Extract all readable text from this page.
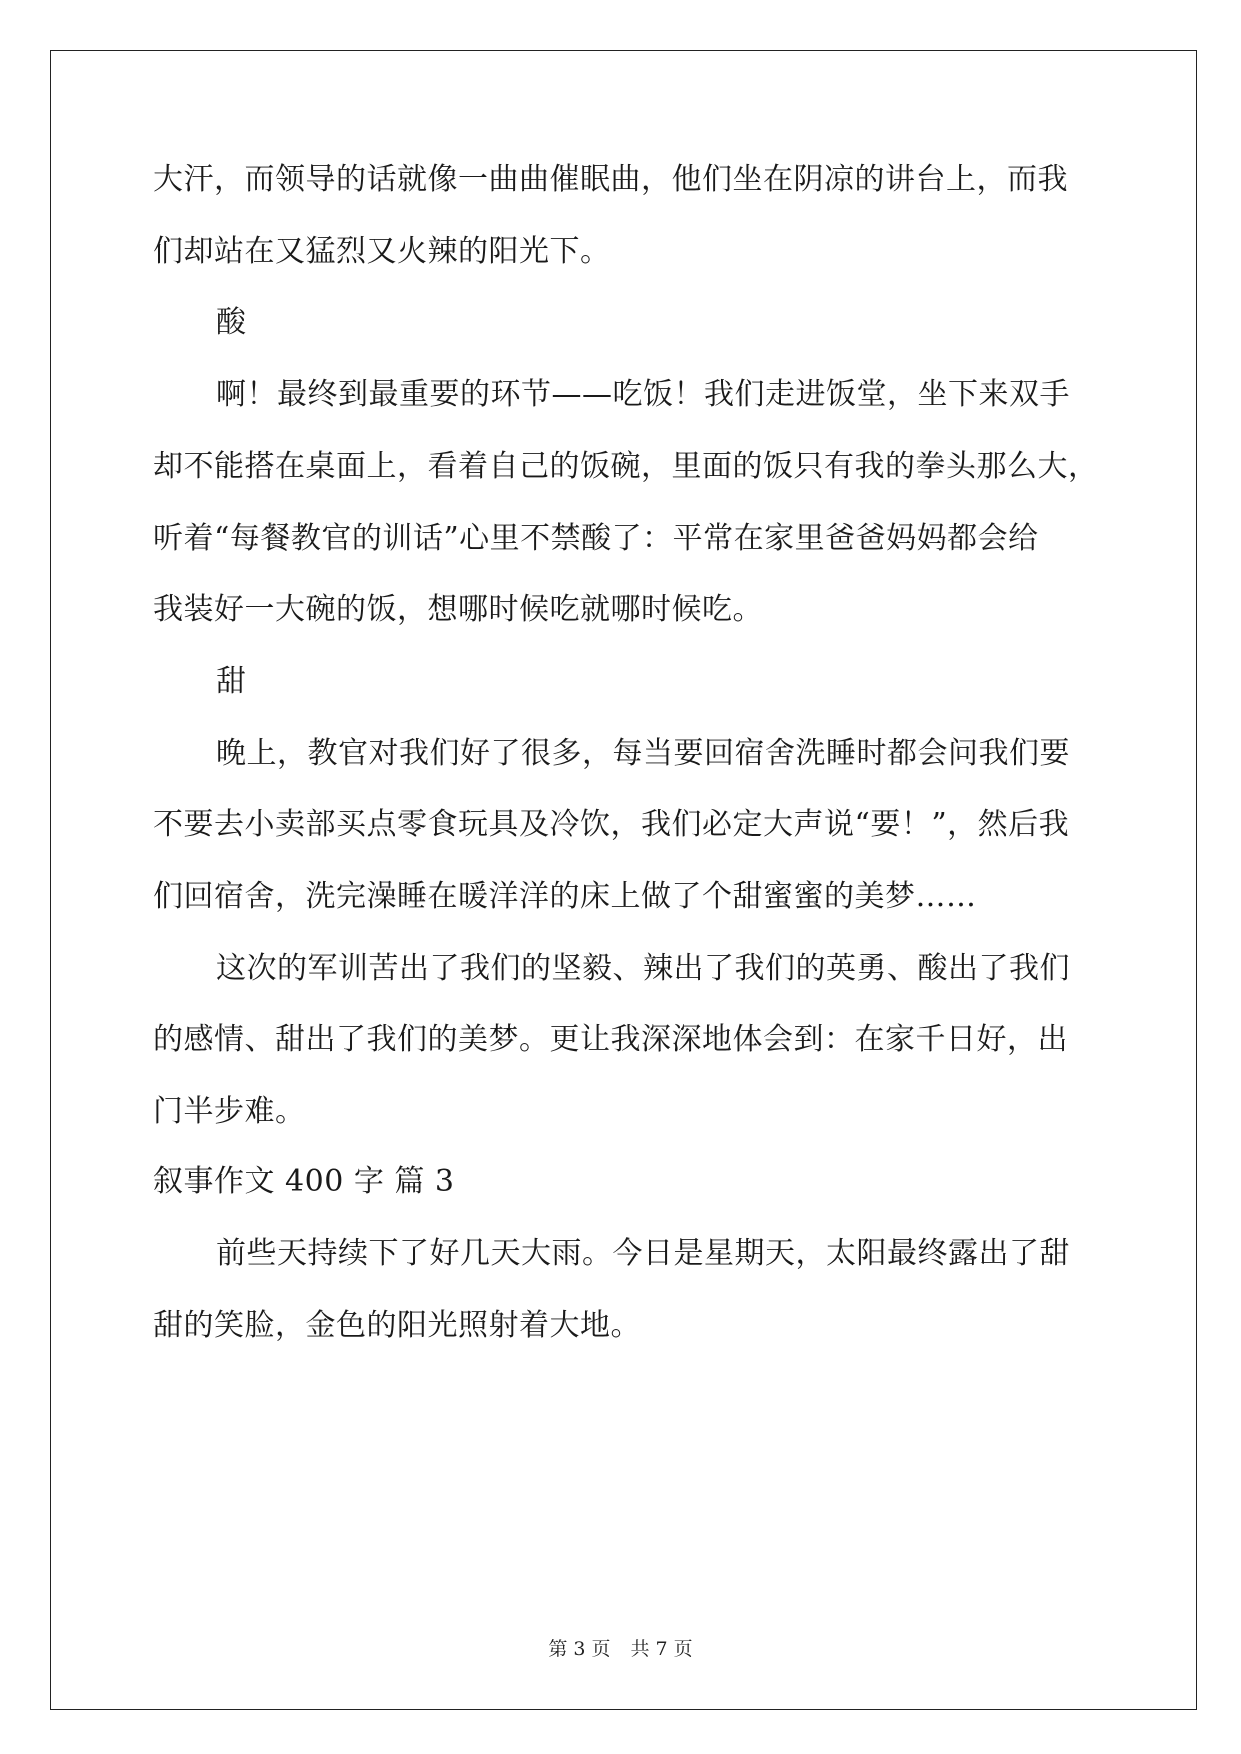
大汗，而领导的话就像一曲曲催眠曲，他们坐在阴凉的讲台上，而我
们却站在又猛烈又火辣的阳光下。
酸
啊！最终到最重要的环节——吃饭！我们走进饭堂，坐下来双手
却不能搭在桌面上，看着自己的饭碗，里面的饭只有我的拳头那么大，
听着“每餐教官的训话”心里不禁酸了：平常在家里爸爸妈妈都会给
我装好一大碗的饭，想哪时候吃就哪时候吃。
甜
晚上，教官对我们好了很多，每当要回宿舍洗睡时都会问我们要
不要去小卖部买点零食玩具及冷饮，我们必定大声说“要！”，然后我
们回宿舍，洗完澡睡在暖洋洋的床上做了个甜蜜蜜的美梦……
这次的军训苦出了我们的坚毅、辣出了我们的英勇、酸出了我们
的感情、甜出了我们的美梦。更让我深深地体会到：在家千日好，出
门半步难。
叙事作文 400 字 篇 3
前些天持续下了好几天大雨。今日是星期天，太阳最终露出了甜
甜的笑脸，金色的阳光照射着大地。
第 3 页 共 7 页
